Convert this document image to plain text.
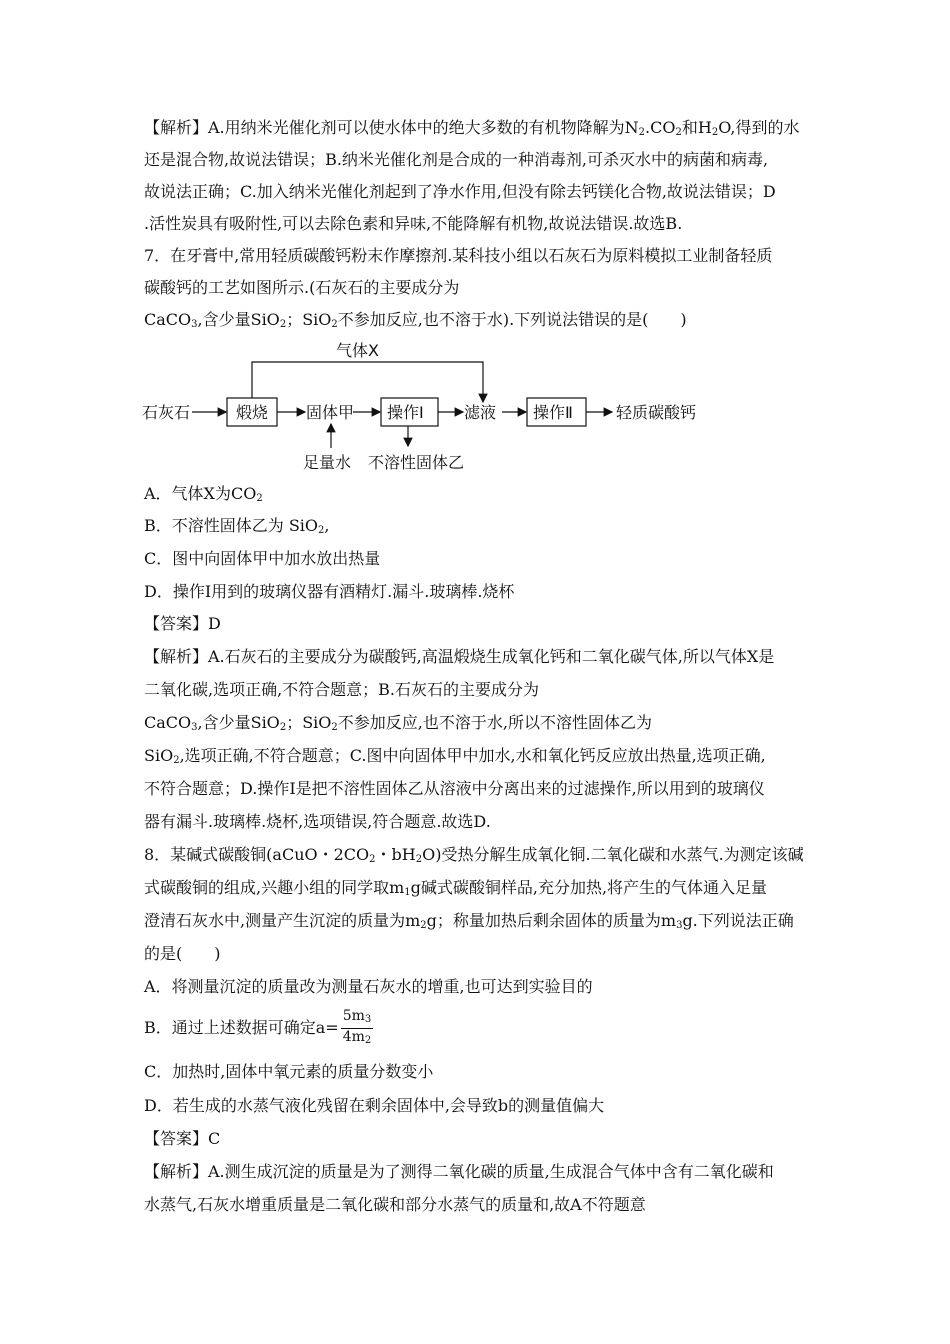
【解析】A.用纳米光催化剂可以使水体中的绝大多数的有机物降解为$N_2.CO_2$和$H_2O$,得到的水
还是混合物,故说法错误；B.纳米光催化剂是合成的一种消毒剂,可杀灭水中的病菌和病毒,
故说法正确；C.加入纳米光催化剂起到了净水作用,但没有除去钙镁化合物,故说法错误；D
.活性炭具有吸附性,可以去除色素和异味,不能降解有机物,故说法错误.故选B.
7．在牙膏中,常用轻质碳酸钙粉末作摩擦剂.某科技小组以石灰石为原料模拟工业制备轻质
碳酸钙的工艺如图所示.(石灰石的主要成分为
CaCO$_3$,含少量SiO$_2$；SiO$_2$不参加反应,也不溶于水).下列说法错误的是(　　)
气体X
石灰石	煅烧 固体甲 操作Ⅰ	滤液 操作Ⅱ	轻质碳酸钙
足量水 不溶性固体乙
A．气体X为$CO_2$
B．不溶性固体乙为 SiO$_2$,
C．图中向固体甲中加水放出热量
D．操作Ⅰ用到的玻璃仪器有酒精灯.漏斗.玻璃棒.烧杯
【答案】D
【解析】A.石灰石的主要成分为碳酸钙,高温煅烧生成氧化钙和二氧化碳气体,所以气体X是
二氧化碳,选项正确,不符合题意；B.石灰石的主要成分为
CaCO$_3$,含少量SiO$_2$；SiO$_2$不参加反应,也不溶于水,所以不溶性固体乙为
SiO$_2$,选项正确,不符合题意；C.图中向固体甲中加水,水和氧化钙反应放出热量,选项正确,
不符合题意；D.操作Ⅰ是把不溶性固体乙从溶液中分离出来的过滤操作,所以用到的玻璃仪
器有漏斗.玻璃棒.烧杯,选项错误,符合题意.故选D.
8．某碱式碳酸铜(aCuO・$2CO_2$・$bH_2O$)受热分解生成氧化铜.二氧化碳和水蒸气.为测定该碱
式碳酸铜的组成,兴趣小组的同学取$m_1g$碱式碳酸铜样品,充分加热,将产生的气体通入足量
澄清石灰水中,测量产生沉淀的质量为$m_2g$；称量加热后剩余固体的质量为$m_3g$.下列说法正确
的是(　　)
A．将测量沉淀的质量改为测量石灰水的增重,也可达到实验目的
B．通过上述数据可确定$a= \frac{5m_3}{4m_2}$
C．加热时,固体中氧元素的质量分数变小
D．若生成的水蒸气液化残留在剩余固体中,会导致b的测量值偏大
【答案】C
【解析】A.测生成沉淀的质量是为了测得二氧化碳的质量,生成混合气体中含有二氧化碳和
水蒸气,石灰水增重质量是二氧化碳和部分水蒸气的质量和,故A不符题意
